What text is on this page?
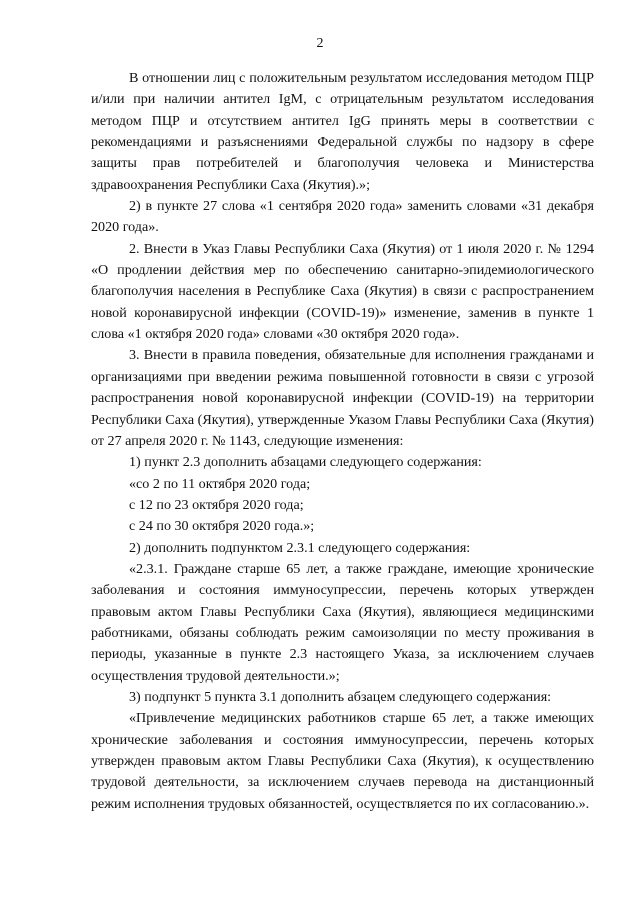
2

В отношении лиц с положительным результатом исследования методом ПЦР и/или при наличии антител IgM, с отрицательным результатом исследования методом ПЦР и отсутствием антител IgG принять меры в соответствии с рекомендациями и разъяснениями Федеральной службы по надзору в сфере защиты прав потребителей и благополучия человека и Министерства здравоохранения Республики Саха (Якутия).»;

2) в пункте 27 слова «1 сентября 2020 года» заменить словами «31 декабря 2020 года».

2. Внести в Указ Главы Республики Саха (Якутия) от 1 июля 2020 г. № 1294 «О продлении действия мер по обеспечению санитарно-эпидемиологического благополучия населения в Республике Саха (Якутия) в связи с распространением новой коронавирусной инфекции (COVID-19)» изменение, заменив в пункте 1 слова «1 октября 2020 года» словами «30 октября 2020 года».

3. Внести в правила поведения, обязательные для исполнения гражданами и организациями при введении режима повышенной готовности в связи с угрозой распространения новой коронавирусной инфекции (COVID-19) на территории Республики Саха (Якутия), утвержденные Указом Главы Республики Саха (Якутия) от 27 апреля 2020 г. № 1143, следующие изменения:

1) пункт 2.3 дополнить абзацами следующего содержания:

«со 2 по 11 октября 2020 года;

с 12 по 23 октября 2020 года;

с 24 по 30 октября 2020 года.»;

2) дополнить подпунктом 2.3.1 следующего содержания:

«2.3.1. Граждане старше 65 лет, а также граждане, имеющие хронические заболевания и состояния иммуносупрессии, перечень которых утвержден правовым актом Главы Республики Саха (Якутия), являющиеся медицинскими работниками, обязаны соблюдать режим самоизоляции по месту проживания в периоды, указанные в пункте 2.3 настоящего Указа, за исключением случаев осуществления трудовой деятельности.»;

3) подпункт 5 пункта 3.1 дополнить абзацем следующего содержания:

«Привлечение медицинских работников старше 65 лет, а также имеющих хронические заболевания и состояния иммуносупрессии, перечень которых утвержден правовым актом Главы Республики Саха (Якутия), к осуществлению трудовой деятельности, за исключением случаев перевода на дистанционный режим исполнения трудовых обязанностей, осуществляется по их согласованию.».
